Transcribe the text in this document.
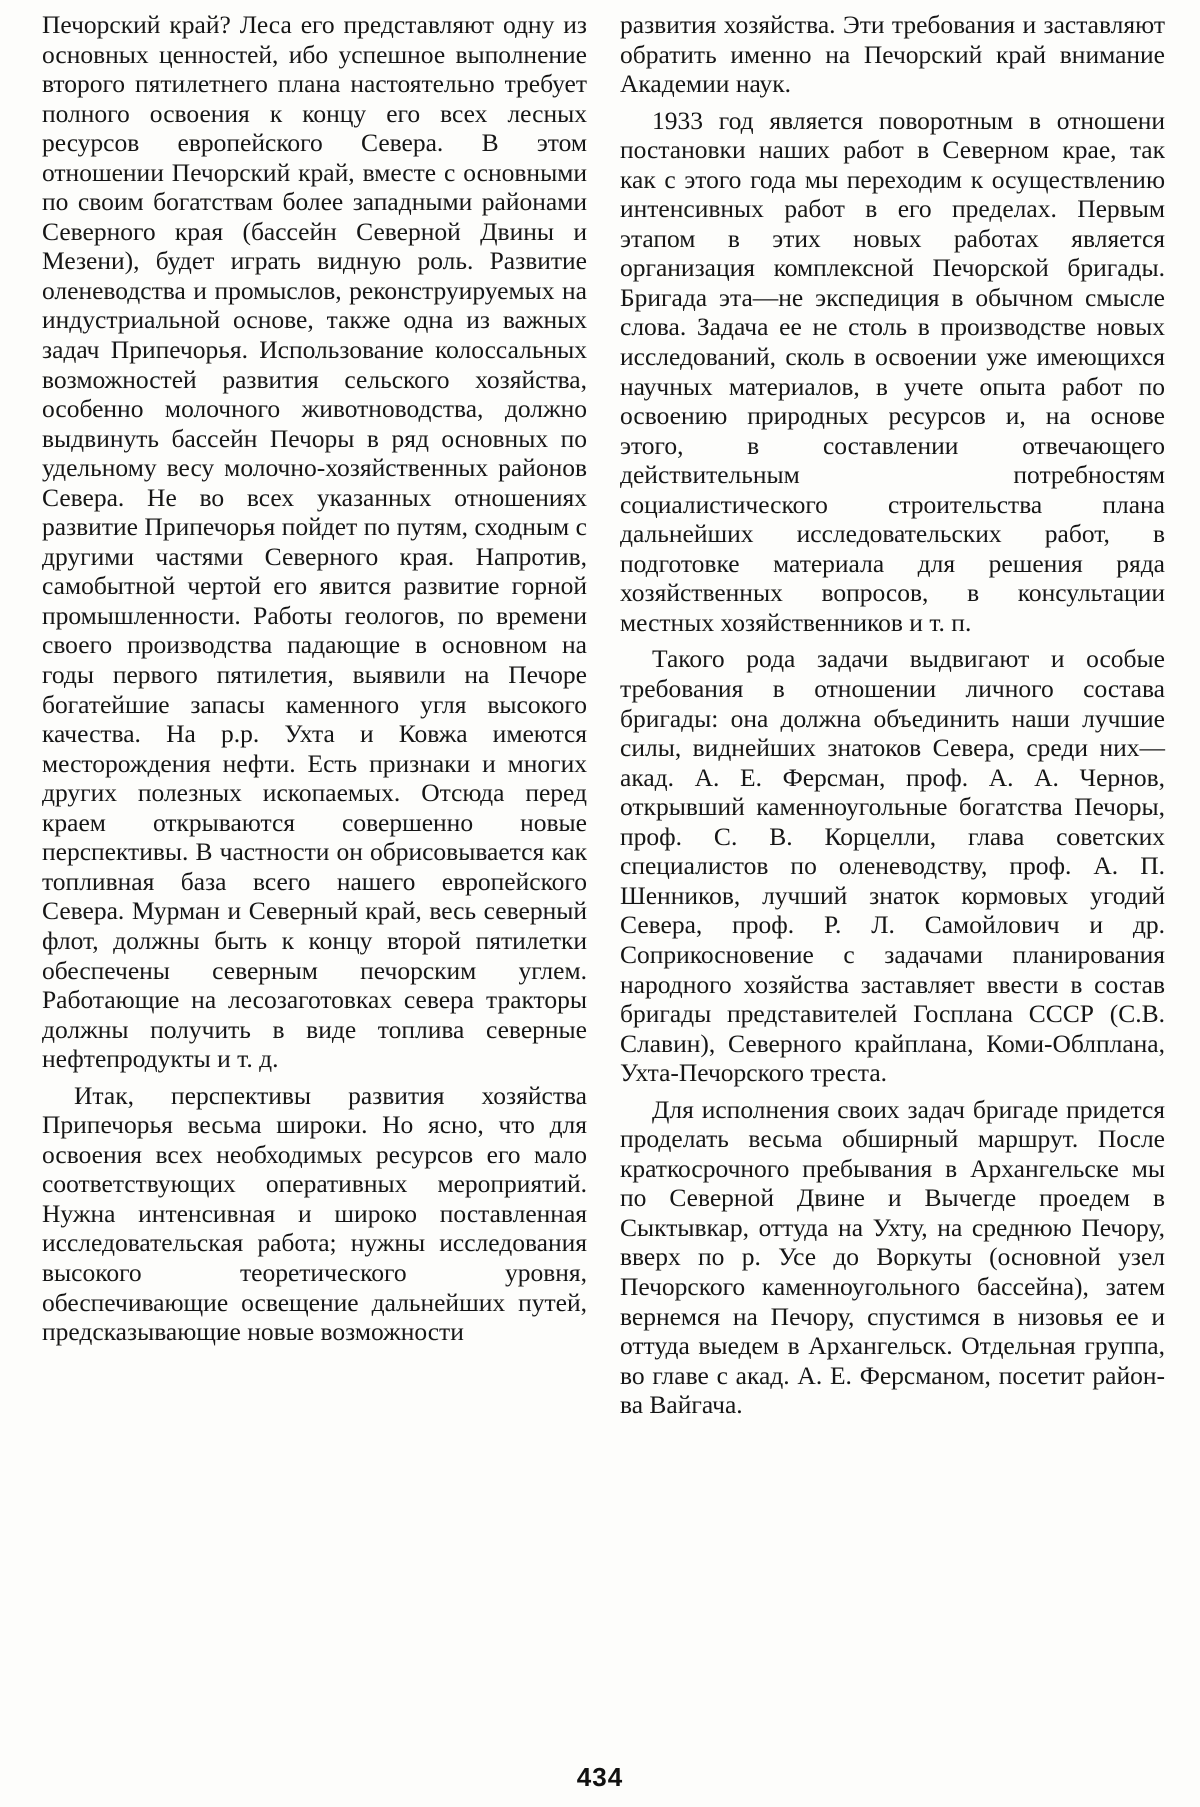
Печорский край? Леса его представляют одну из основных ценностей, ибо успешное выполнение второго пятилетнего плана настоятельно требует полного освоения к концу его всех лесных ресурсов европейского Севера. В этом отношении Печорский край, вместе с основными по своим богатствам более западными районами Северного края (бассейн Северной Двины и Мезени), будет играть видную роль. Развитие оленеводства и промыслов, реконструируемых на индустриальной основе, также одна из важных задач Припечорья. Использование колоссальных возможностей развития сельского хозяйства, особенно молочного животноводства, должно выдвинуть бассейн Печоры в ряд основных по удельному весу молочно-хозяйственных районов Севера. Не во всех указанных отношениях развитие Припечорья пойдет по путям, сходным с другими частями Северного края. Напротив, самобытной чертой его явится развитие горной промышленности. Работы геологов, по времени своего производства падающие в основном на годы первого пятилетия, выявили на Печоре богатейшие запасы каменного угля высокого качества. На р.р. Ухта и Ковжа имеются месторождения нефти. Есть признаки и многих других полезных ископаемых. Отсюда перед краем открываются совершенно новые перспективы. В частности он обрисовывается как топливная база всего нашего европейского Севера. Мурман и Северный край, весь северный флот, должны быть к концу второй пятилетки обеспечены северным печорским углем. Работающие на лесозаготовках севера тракторы должны получить в виде топлива северные нефтепродукты и т. д.

Итак, перспективы развития хозяйства Припечорья весьма широки. Но ясно, что для освоения всех необходимых ресурсов его мало соответствующих оперативных мероприятий. Нужна интенсивная и широко поставленная исследовательская работа; нужны исследования высокого теоретического уровня, обеспечивающие освещение дальнейших путей, предсказывающие новые возможности

развития хозяйства. Эти требования и заставляют обратить именно на Печорский край внимание Академии наук.

1933 год является поворотным в отношени постановки наших работ в Северном крае, так как с этого года мы переходим к осуществлению интенсивных работ в его пределах. Первым этапом в этих новых работах является организация комплексной Печорской бригады. Бригада эта—не экспедиция в обычном смысле слова. Задача ее не столь в производстве новых исследований, сколь в освоении уже имеющихся научных материалов, в учете опыта работ по освоению природных ресурсов и, на основе этого, в составлении отвечающего действительным потребностям социалистического строительства плана дальнейших исследовательских работ, в подготовке материала для решения ряда хозяйственных вопросов, в консультации местных хозяйственников и т. п.

Такого рода задачи выдвигают и особые требования в отношении личного состава бригады: она должна объединить наши лучшие силы, виднейших знатоков Севера, среди них—акад. А. Е. Ферсман, проф. А. А. Чернов, открывший каменноугольные богатства Печоры, проф. С. В. Корцелли, глава советских специалистов по оленеводству, проф. А. П. Шенников, лучший знаток кормовых угодий Севера, проф. Р. Л. Самойлович и др. Соприкосновение с задачами планирования народного хозяйства заставляет ввести в состав бригады представителей Госплана СССР (С.В. Славин), Северного крайплана, Коми-Облплана, Ухта-Печорского треста.

Для исполнения своих задач бригаде придется проделать весьма обширный маршрут. После краткосрочного пребывания в Архангельске мы по Северной Двине и Вычегде проедем в Сыктывкар, оттуда на Ухту, на среднюю Печору, вверх по р. Усе до Воркуты (основной узел Печорского каменноугольного бассейна), затем вернемся на Печору, спустимся в низовья ее и оттуда выедем в Архангельск. Отдельная группа, во главе с акад. А. Е. Ферсманом, посетит район-ва Вайгача.

434
